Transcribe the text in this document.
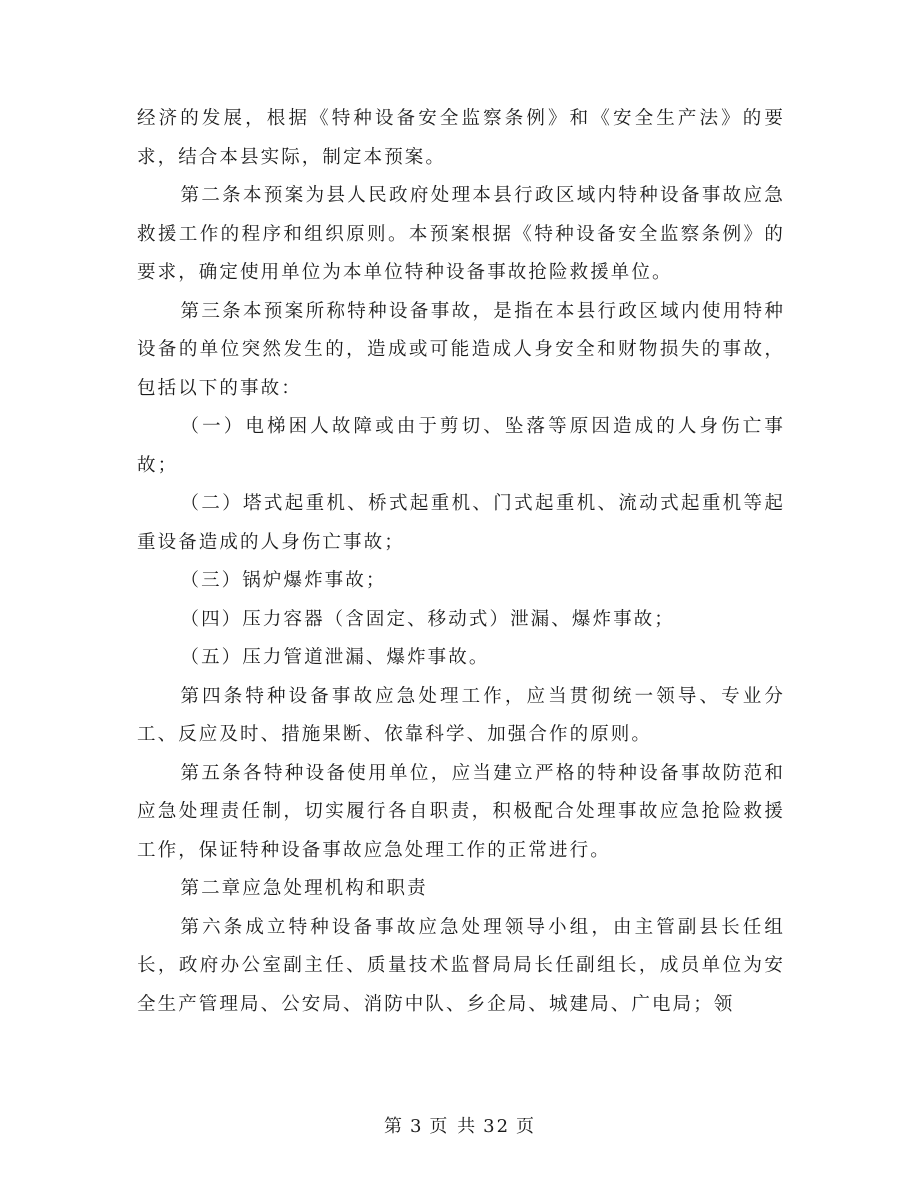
经济的发展，根据《特种设备安全监察条例》和《安全生产法》的要求，结合本县实际，制定本预案。

第二条本预案为县人民政府处理本县行政区域内特种设备事故应急救援工作的程序和组织原则。本预案根据《特种设备安全监察条例》的要求，确定使用单位为本单位特种设备事故抢险救援单位。

第三条本预案所称特种设备事故，是指在本县行政区域内使用特种设备的单位突然发生的，造成或可能造成人身安全和财物损失的事故，包括以下的事故：

（一）电梯困人故障或由于剪切、坠落等原因造成的人身伤亡事故；

（二）塔式起重机、桥式起重机、门式起重机、流动式起重机等起重设备造成的人身伤亡事故；

（三）锅炉爆炸事故；

（四）压力容器（含固定、移动式）泄漏、爆炸事故；

（五）压力管道泄漏、爆炸事故。

第四条特种设备事故应急处理工作，应当贯彻统一领导、专业分工、反应及时、措施果断、依靠科学、加强合作的原则。

第五条各特种设备使用单位，应当建立严格的特种设备事故防范和应急处理责任制，切实履行各自职责，积极配合处理事故应急抢险救援工作，保证特种设备事故应急处理工作的正常进行。

第二章应急处理机构和职责

第六条成立特种设备事故应急处理领导小组，由主管副县长任组长，政府办公室副主任、质量技术监督局局长任副组长，成员单位为安全生产管理局、公安局、消防中队、乡企局、城建局、广电局；领

第 3 页 共 32 页
